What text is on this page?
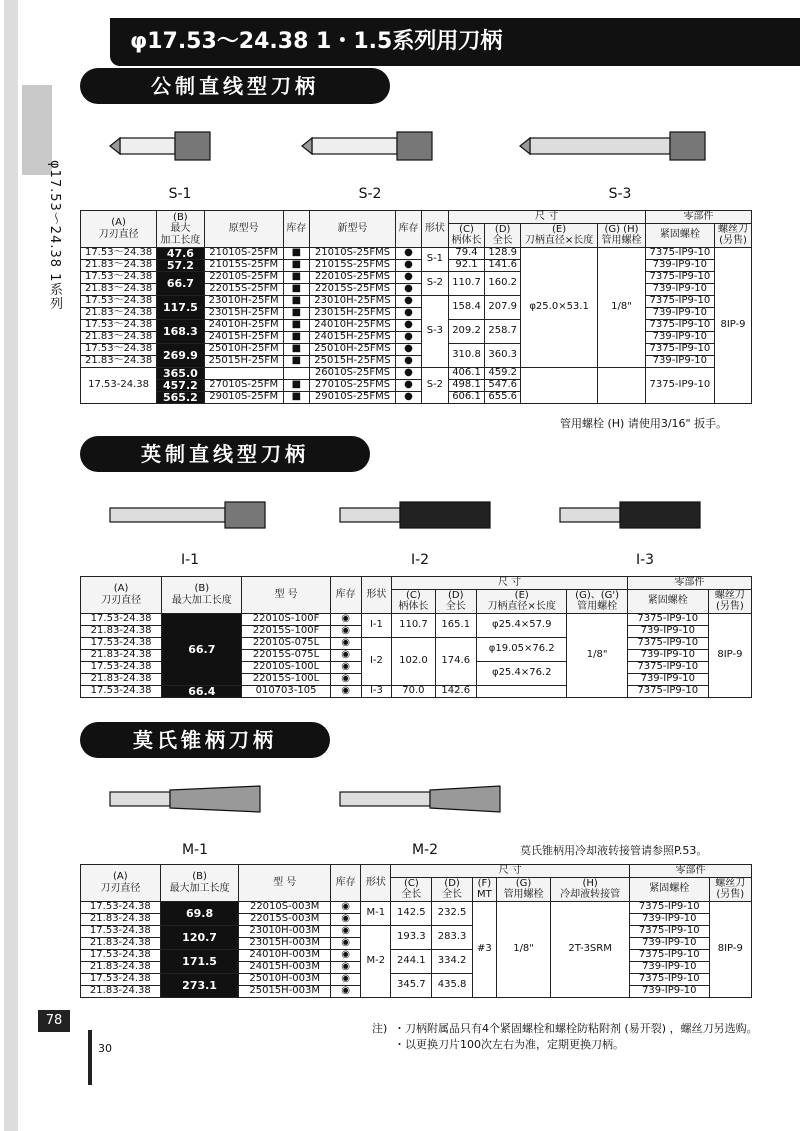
φ17.53～24.38 1系列
φ17.53～24.38 1・1.5系列用刀柄
公制直线型刀柄
S-1	S-2	S-3
(A)
刀刃直径	(B)
最大
加工长度	原型号	库存	新型号	库存	形状	尺 寸				零部件	
							(C)
柄体长	(D)
全长	(E)
刀柄直径×长度	(G) (H)
管用螺栓	紧固螺栓	螺丝刀
(另售)
17.53～24.38	47.6	21010S-25FM	■	21010S-25FMS	●	S-1	79.4	128.9	φ25.0×53.1	1/8"	7375-IP9-10	8IP-9
21.83～24.38	57.2	21015S-25FM	■	21015S-25FMS	●		92.1	141.6			739-IP9-10	
17.53～24.38	66.7	22010S-25FM	■	22010S-25FMS	●	S-2	110.7	160.2			7375-IP9-10	
21.83～24.38		22015S-25FM	■	22015S-25FMS	●						739-IP9-10	
17.53～24.38	117.5	23010H-25FM	■	23010H-25FMS	●	S-3	158.4	207.9			7375-IP9-10	
21.83～24.38		23015H-25FM	■	23015H-25FMS	●						739-IP9-10	
17.53～24.38	168.3	24010H-25FM	■	24010H-25FMS	●		209.2	258.7			7375-IP9-10	
21.83～24.38		24015H-25FM	■	24015H-25FMS	●						739-IP9-10	
17.53～24.38	269.9	25010H-25FM	■	25010H-25FMS	●		310.8	360.3			7375-IP9-10	
21.83～24.38		25015H-25FM	■	25015H-25FMS	●						739-IP9-10	
17.53-24.38	365.0			26010S-25FMS	●	S-2	406.1	459.2			7375-IP9-10	
	457.2	27010S-25FM	■	27010S-25FMS	●		498.1	547.6				
	565.2	29010S-25FM	■	29010S-25FMS	●		606.1	655.6				
管用螺栓 (H) 请使用3/16" 扳手。
英制直线型刀柄
I-1	I-2	I-3
(A)
刀刃直径	(B)
最大加工长度	型 号	库存	形状	尺 寸				零部件	
					(C)
柄体长	(D)
全长	(E)
刀柄直径×长度	(G)、(G')
管用螺栓	紧固螺栓	螺丝刀
(另售)
17.53-24.38	66.7	22010S-100F	◉	I-1	110.7	165.1	φ25.4×57.9	1/8"	7375-IP9-10	8IP-9
21.83-24.38		22015S-100F	◉						739-IP9-10	
17.53-24.38		22010S-075L	◉	I-2	102.0	174.6	φ19.05×76.2		7375-IP9-10	
21.83-24.38		22015S-075L	◉						739-IP9-10	
17.53-24.38		22010S-100L	◉				φ25.4×76.2		7375-IP9-10	
21.83-24.38		22015S-100L	◉						739-IP9-10	
17.53-24.38	66.4	010703-105	◉	I-3	70.0	142.6			7375-IP9-10	
莫氏锥柄刀柄
M-1	M-2	莫氏锥柄用冷却液转接管请参照P.53。
(A)
刀刃直径	(B)
最大加工长度	型 号	库存	形状	尺 寸					零部件	
					(C)
全长	(D)
全长	(F)
MT	(G)
管用螺栓	(H)
冷却液转接管	紧固螺栓	螺丝刀
(另售)
17.53-24.38	69.8	22010S-003M	◉	M-1	142.5	232.5	#3	1/8"	2T-3SRM	7375-IP9-10	8IP-9
21.83-24.38		22015S-003M	◉							739-IP9-10	
17.53-24.38	120.7	23010H-003M	◉	M-2	193.3	283.3				7375-IP9-10	
21.83-24.38		23015H-003M	◉							739-IP9-10	
17.53-24.38	171.5	24010H-003M	◉		244.1	334.2				7375-IP9-10	
21.83-24.38		24015H-003M	◉							739-IP9-10	
17.53-24.38	273.1	25010H-003M	◉		345.7	435.8				7375-IP9-10	
21.83-24.38		25015H-003M	◉							739-IP9-10	
78
30
注) ・刀柄附属品只有4个紧固螺栓和螺栓防粘附剂 (易开裂) ，螺丝刀另选购。
・以更换刀片100次左右为准，定期更换刀柄。
